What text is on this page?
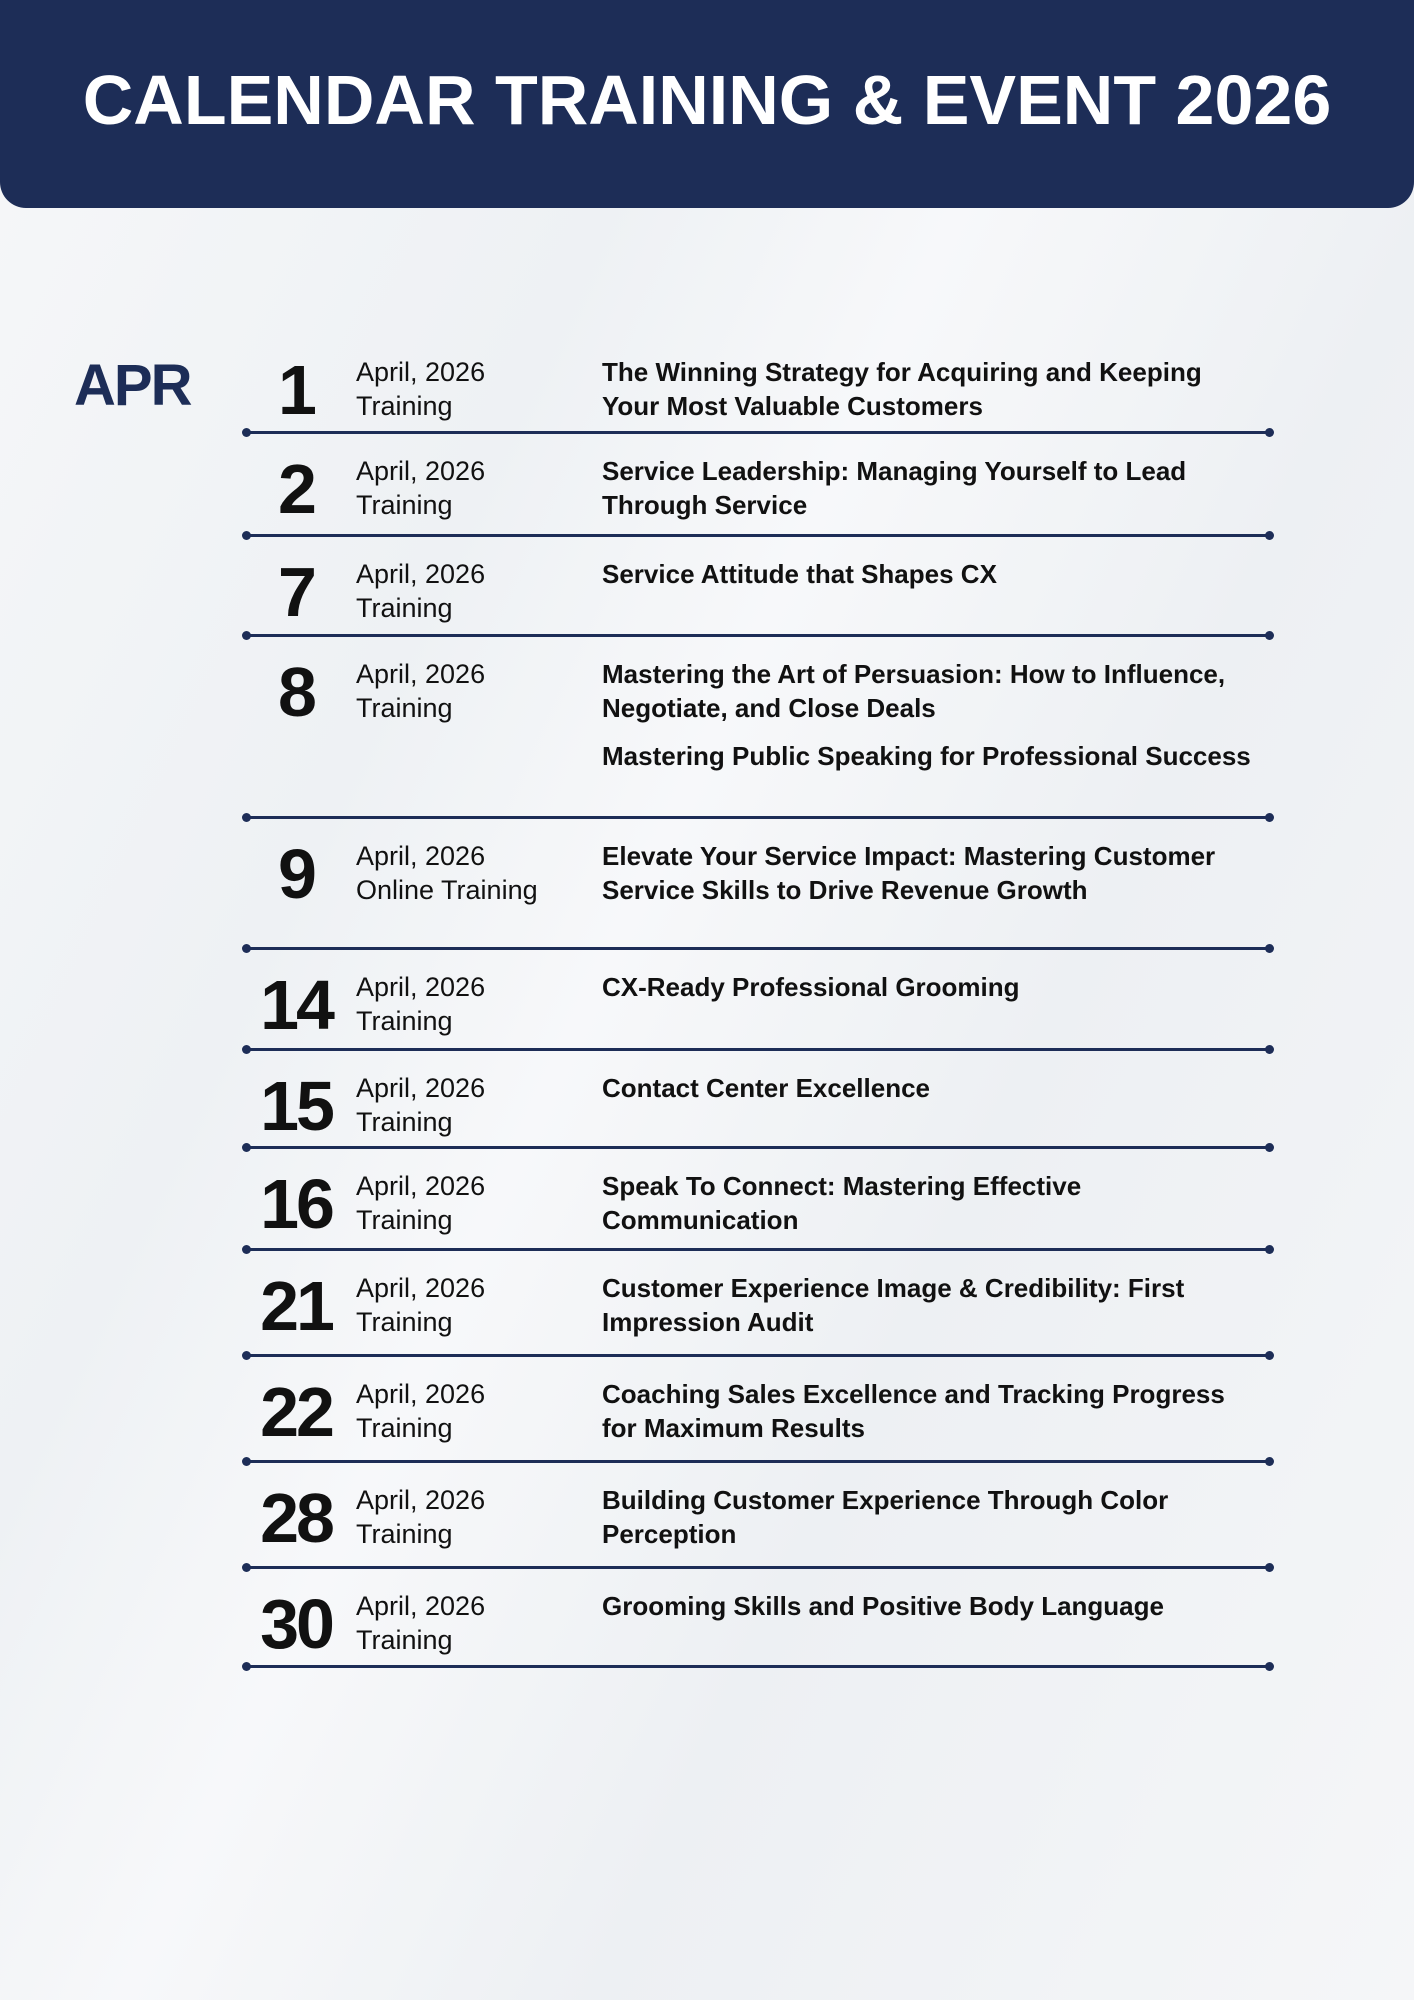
CALENDAR TRAINING & EVENT 2026
APR	1	April, 2026
Training
The Winning Strategy for Acquiring and Keeping Your Most Valuable Customers
2	April, 2026
Training
Service Leadership: Managing Yourself to Lead Through Service
7	April, 2026
Training
Service Attitude that Shapes CX
8	April, 2026
Training
Mastering the Art of Persuasion: How to Influence, Negotiate, and Close Deals
Mastering Public Speaking for Professional Success
9	April, 2026
Online Training
Elevate Your Service Impact: Mastering Customer Service Skills to Drive Revenue Growth
14 April, 2026
Training
CX-Ready Professional Grooming
15 April, 2026
Training
Contact Center Excellence
16 April, 2026
Training
Speak To Connect: Mastering Effective Communication
21 April, 2026
Training
Customer Experience Image & Credibility: First Impression Audit
22 April, 2026
Training
Coaching Sales Excellence and Tracking Progress for Maximum Results
28 April, 2026
Training
Building Customer Experience Through Color Perception
30 April, 2026
Training
Grooming Skills and Positive Body Language
